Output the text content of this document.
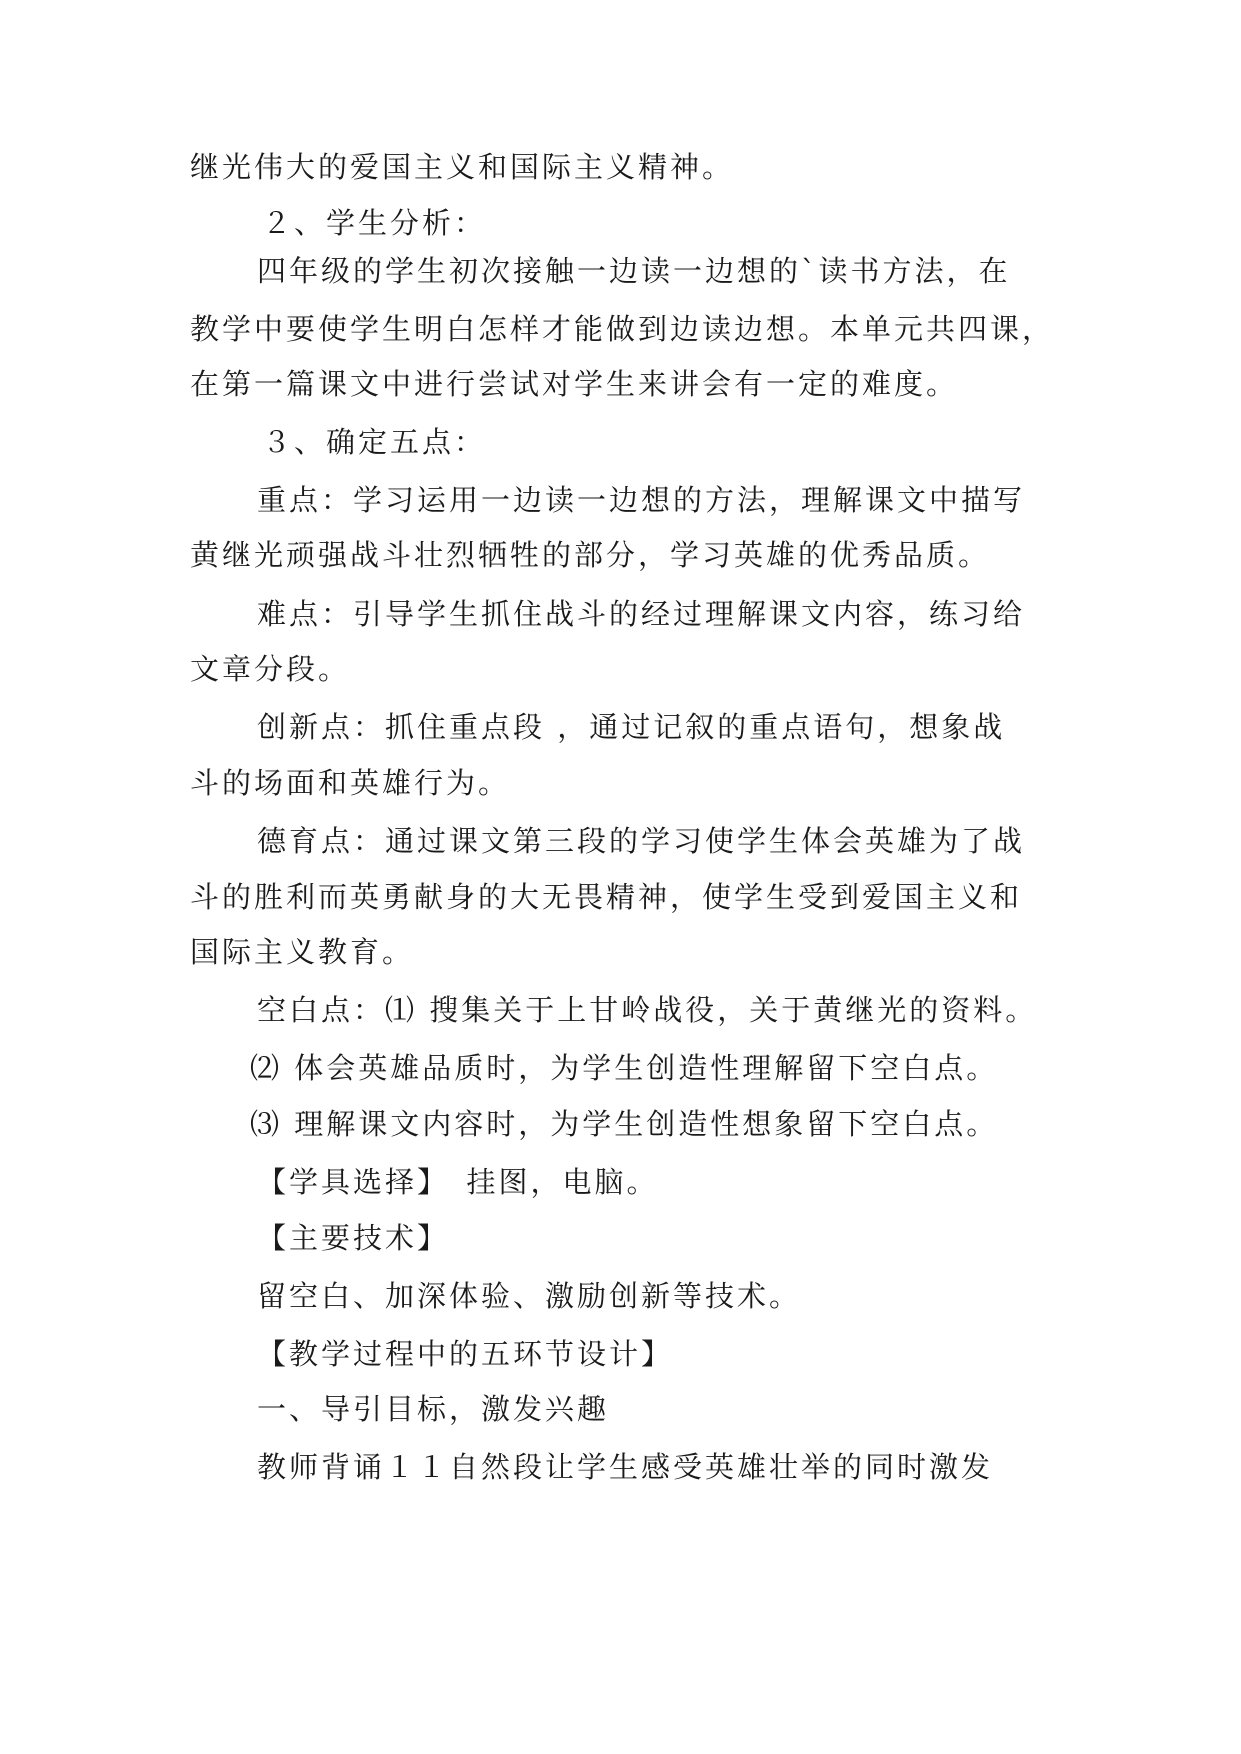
继光伟大的爱国主义和国际主义精神。
２、学生分析：
四年级的学生初次接触一边读一边想的`读书方法，在
教学中要使学生明白怎样才能做到边读边想。本单元共四课，
在第一篇课文中进行尝试对学生来讲会有一定的难度。
３、确定五点：
重点：学习运用一边读一边想的方法，理解课文中描写
黄继光顽强战斗壮烈牺牲的部分，学习英雄的优秀品质。
难点：引导学生抓住战斗的经过理解课文内容，练习给
文章分段。
创新点：抓住重点段 ，通过记叙的重点语句，想象战
斗的场面和英雄行为。
德育点：通过课文第三段的学习使学生体会英雄为了战
斗的胜利而英勇献身的大无畏精神，使学生受到爱国主义和
国际主义教育。
空白点：⑴ 搜集关于上甘岭战役，关于黄继光的资料。
⑵ 体会英雄品质时，为学生创造性理解留下空白点。
⑶ 理解课文内容时，为学生创造性想象留下空白点。
【学具选择】　挂图，电脑。
【主要技术】
留空白、加深体验、激励创新等技术。
【教学过程中的五环节设计】
一、导引目标，激发兴趣
教师背诵１１自然段让学生感受英雄壮举的同时激发
